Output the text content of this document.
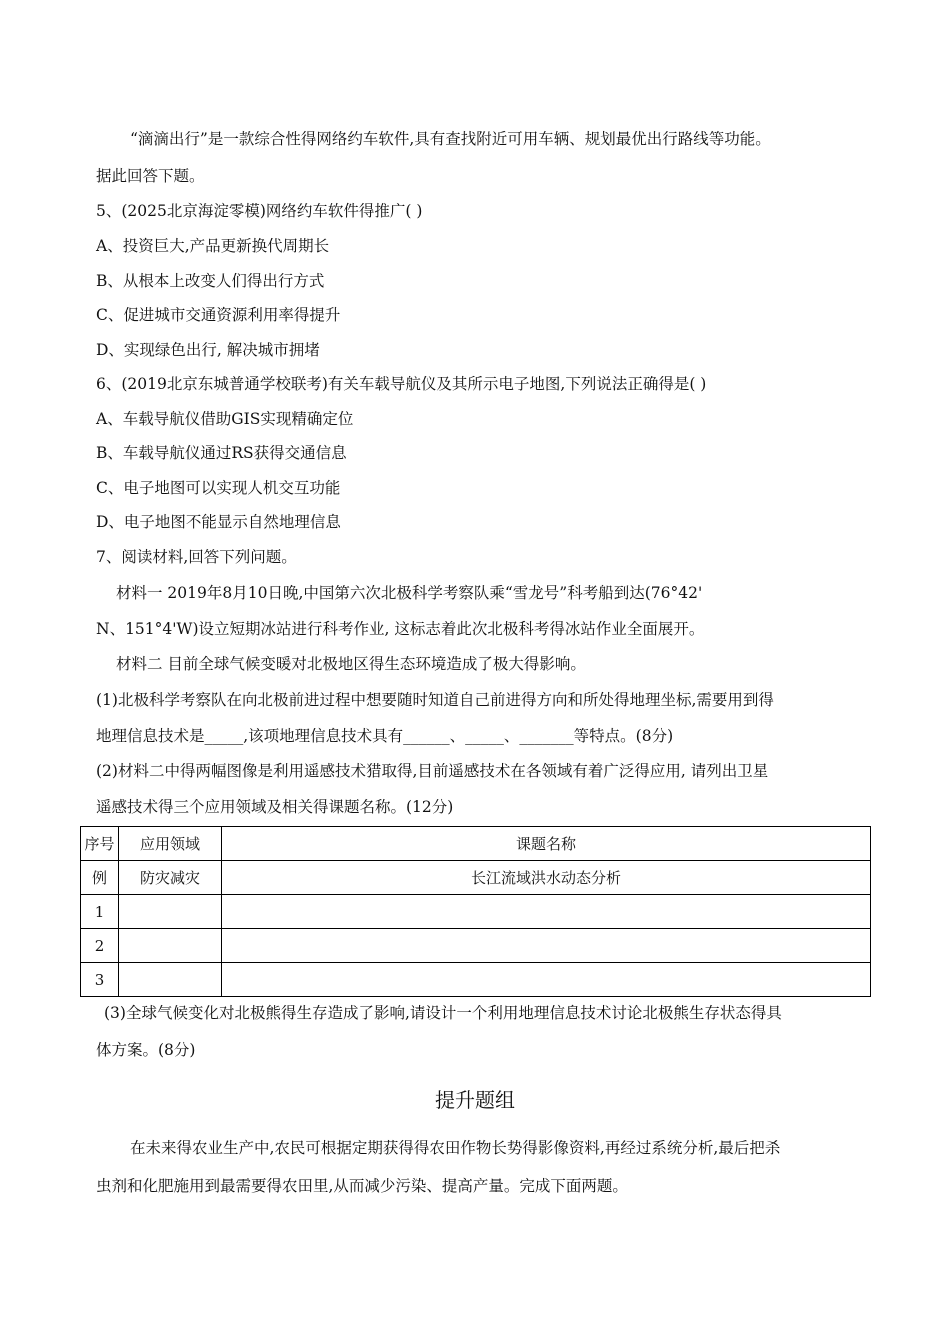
“滴滴出行”是一款综合性得网络约车软件,具有查找附近可用车辆、规划最优出行路线等功能。
据此回答下题。
5、(2025北京海淀零模)网络约车软件得推广( )
A、投资巨大,产品更新换代周期长
B、从根本上改变人们得出行方式
C、促进城市交通资源利用率得提升
D、实现绿色出行, 解决城市拥堵
6、(2019北京东城普通学校联考)有关车载导航仪及其所示电子地图,下列说法正确得是( )
A、车载导航仪借助GIS实现精确定位
B、车载导航仪通过RS获得交通信息
C、电子地图可以实现人机交互功能
D、电子地图不能显示自然地理信息
7、阅读材料,回答下列问题。
材料一 2019年8月10日晚,中国第六次北极科学考察队乘“雪龙号”科考船到达(76°42'
N、151°4'W)设立短期冰站进行科考作业, 这标志着此次北极科考得冰站作业全面展开。
材料二 目前全球气候变暖对北极地区得生态环境造成了极大得影响。
(1)北极科学考察队在向北极前进过程中想要随时知道自己前进得方向和所处得地理坐标,需要用到得
地理信息技术是_____,该项地理信息技术具有______、_____、_______等特点。(8分)
(2)材料二中得两幅图像是利用遥感技术猎取得,目前遥感技术在各领域有着广泛得应用, 请列出卫星
遥感技术得三个应用领域及相关得课题名称。(12分)
序号	应用领域	课题名称
例	防灾减灾	长江流域洪水动态分析
1		
2		
3		
(3)全球气候变化对北极熊得生存造成了影响,请设计一个利用地理信息技术讨论北极熊生存状态得具
体方案。(8分)
提升题组
在未来得农业生产中,农民可根据定期获得得农田作物长势得影像资料,再经过系统分析,最后把杀
虫剂和化肥施用到最需要得农田里,从而减少污染、提高产量。完成下面两题。
